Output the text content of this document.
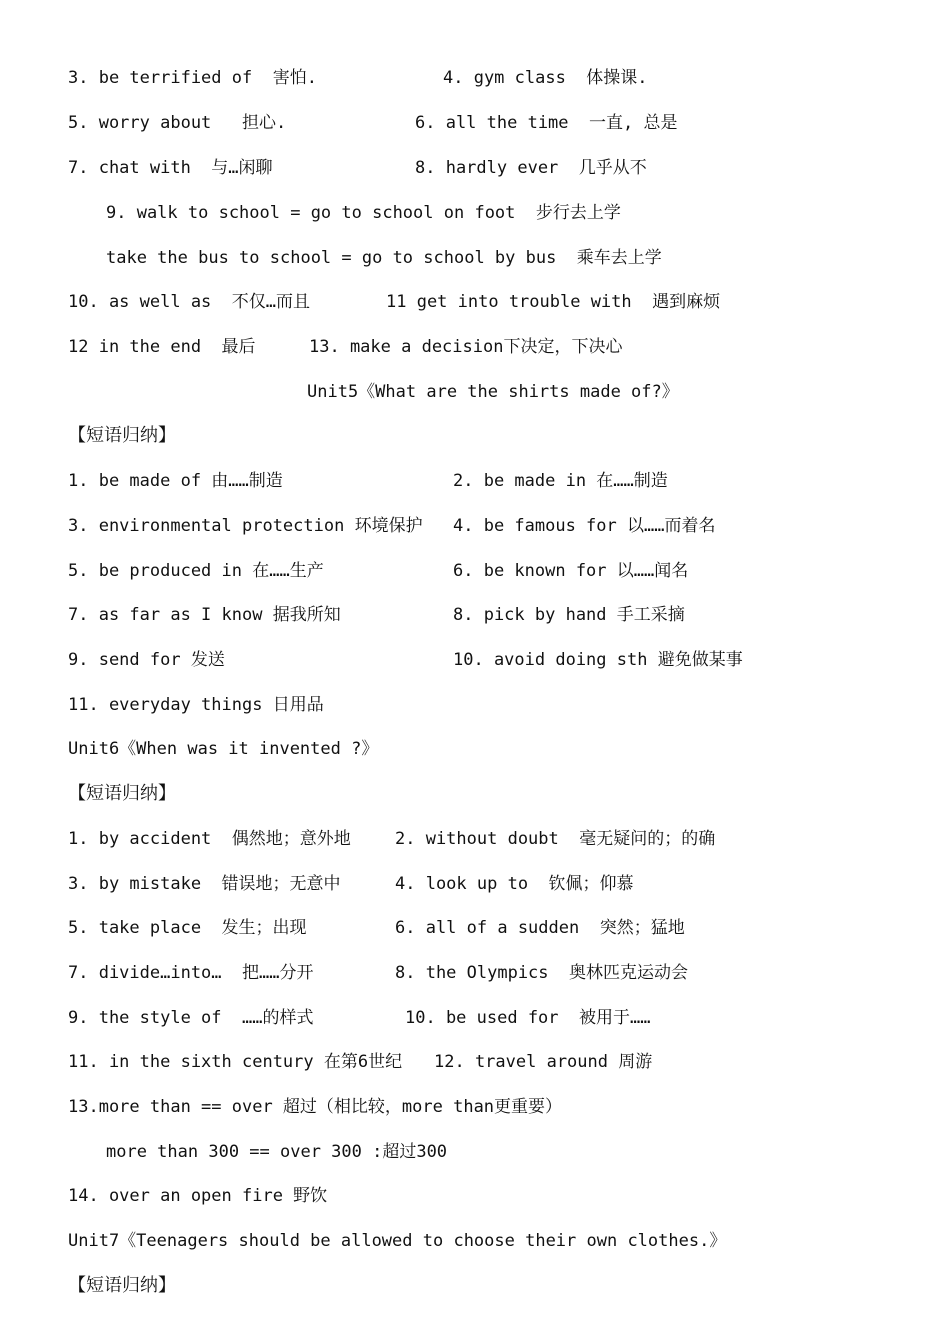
3. be terrified of  害怕.	4. gym class  体操课.
5. worry about   担心.	6. all the time  一直, 总是
7. chat with  与…闲聊	8. hardly ever  几乎从不
9. walk to school = go to school on foot  步行去上学
take the bus to school = go to school by bus  乘车去上学
10. as well as  不仅…而且	11 get into trouble with  遇到麻烦
12 in the end  最后	13. make a decision下决定，下决心
Unit5《What are the shirts made of?》
【短语归纳】
1. be made of 由……制造	2. be made in 在……制造
3. environmental protection 环境保护 4. be famous for 以……而着名
5. be produced in 在……生产	6. be known for 以……闻名
7. as far as I know 据我所知	8. pick by hand 手工采摘
9. send for 发送	10. avoid doing sth 避免做某事
11. everyday things 日用品
Unit6《When was it invented ?》
【短语归纳】
1. by accident  偶然地；意外地	2. without doubt  毫无疑问的；的确
3. by mistake  错误地；无意中	4. look up to  钦佩；仰慕
5. take place  发生；出现	6. all of a sudden  突然；猛地
7. divide…into…  把……分开	8. the Olympics  奥林匹克运动会
9. the style of  ……的样式	10. be used for  被用于……
11. in the sixth century 在第6世纪 12. travel around 周游
13.more than == over 超过（相比较，more than更重要）
more than 300 == over 300 :超过300
14. over an open fire 野饮
Unit7《Teenagers should be allowed to choose their own clothes.》
【短语归纳】
